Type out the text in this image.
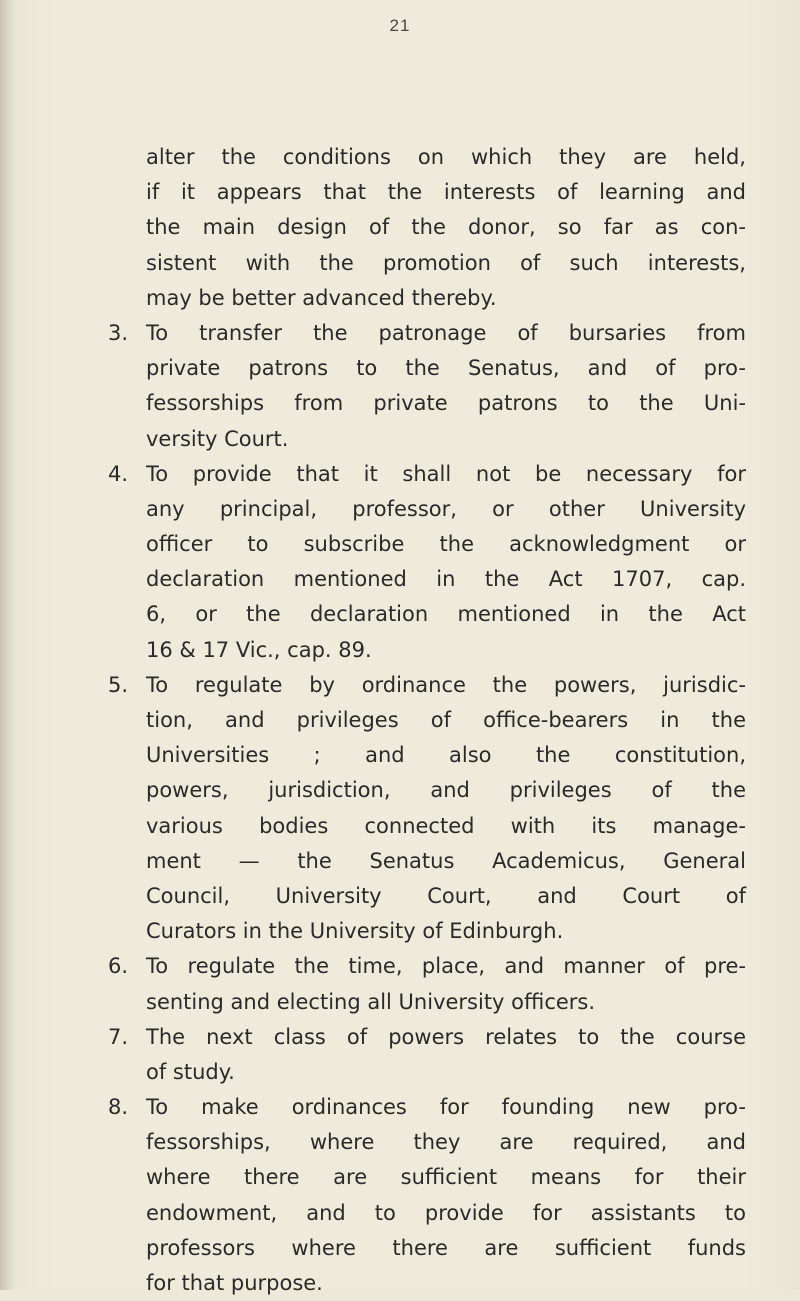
21
alter the conditions on which they are held,
if it appears that the interests of learning and
the main design of the donor, so far as con-
sistent with the promotion of such interests,
may be better advanced thereby.
3. To transfer the patronage of bursaries from
private patrons to the Senatus, and of pro-
fessorships from private patrons to the Uni-
versity Court.
4. To provide that it shall not be necessary for
any principal, professor, or other University
officer to subscribe the acknowledgment or
declaration mentioned in the Act 1707, cap.
6, or the declaration mentioned in the Act
16 & 17 Vic., cap. 89.
5. To regulate by ordinance the powers, jurisdic-
tion, and privileges of office-bearers in the
Universities ; and also the constitution,
powers, jurisdiction, and privileges of the
various bodies connected with its manage-
ment — the Senatus Academicus, General
Council, University Court, and Court of
Curators in the University of Edinburgh.
6. To regulate the time, place, and manner of pre-
senting and electing all University officers.
7. The next class of powers relates to the course
of study.
8. To make ordinances for founding new pro-
fessorships, where they are required, and
where there are sufficient means for their
endowment, and to provide for assistants to
professors where there are sufficient funds
for that purpose.
